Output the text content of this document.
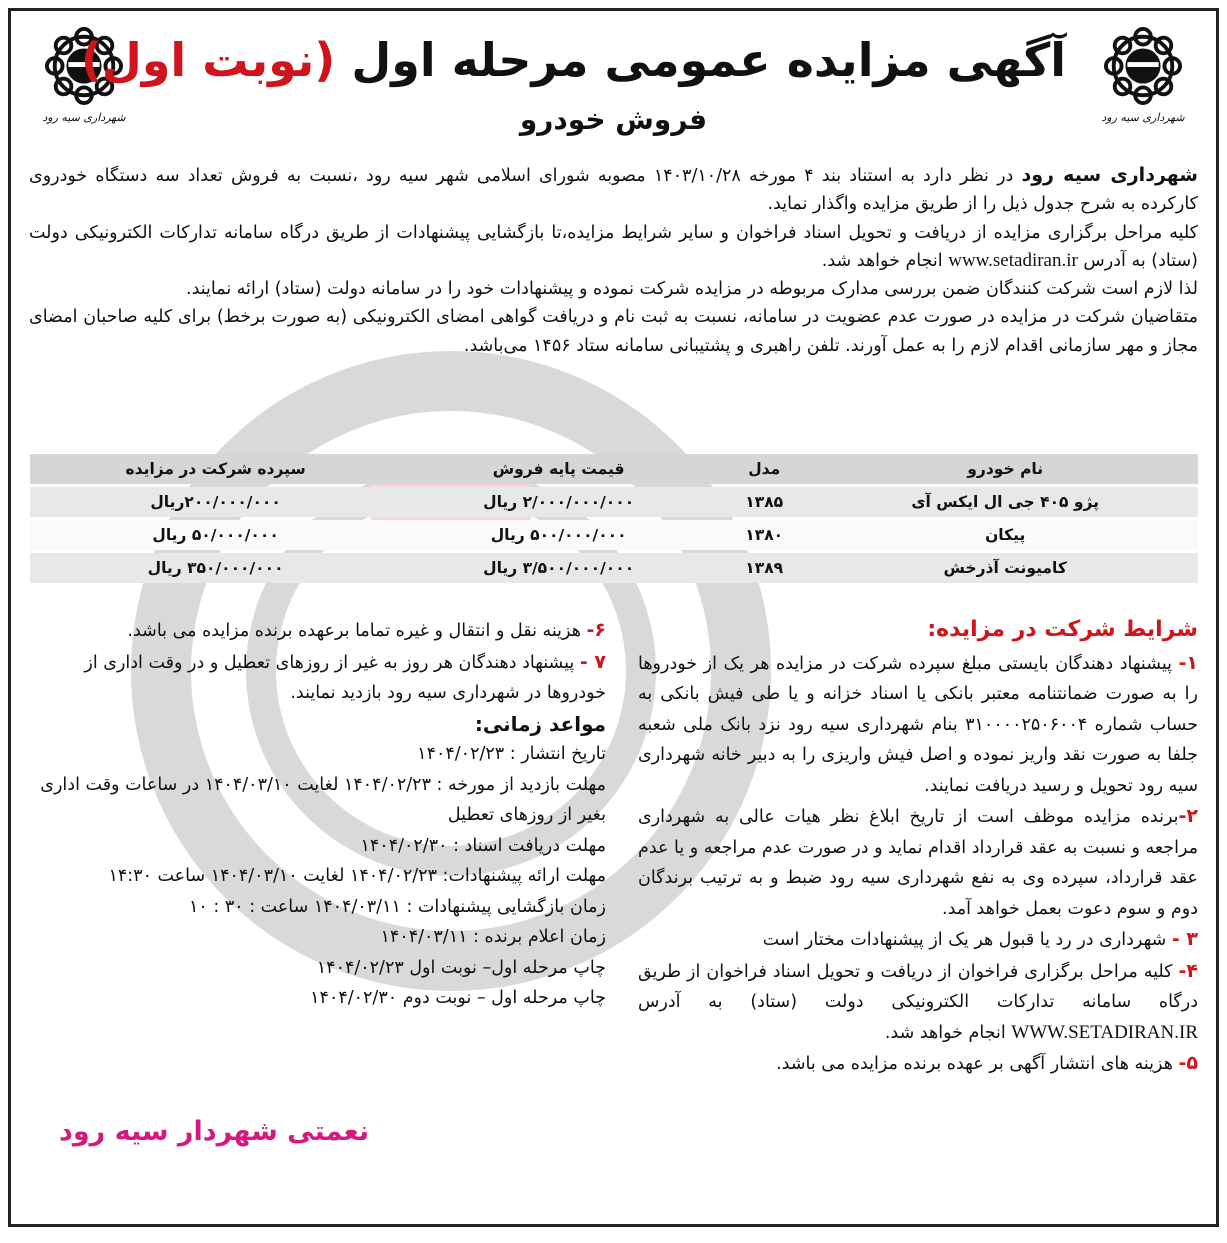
شهرداری سیه رود
شهرداری سیه رود
آگهی مزایده عمومی مرحله اول (نوبت اول)
فروش خودرو

شهرداری سیه رود در نظر دارد به استناد بند ۴ مورخه ۱۴۰۳/۱۰/۲۸ مصوبه شورای اسلامی شهر سیه رود ،نسبت به فروش تعداد سه دستگاه خودروی کارکرده به شرح جدول ذیل را از طریق مزایده واگذار نماید.

کلیه مراحل برگزاری مزایده از دریافت و تحویل اسناد فراخوان و سایر شرایط مزایده،تا بازگشایی پیشنهادات از طریق درگاه سامانه تدارکات الکترونیکی دولت (ستاد) به آدرس www.setadiran.ir انجام خواهد شد.

لذا لازم است شرکت کنندگان ضمن بررسی مدارک مربوطه در مزایده شرکت نموده و پیشنهادات خود را در سامانه دولت (ستاد) ارائه نمایند.

متقاضیان شرکت در مزایده در صورت عدم عضویت در سامانه، نسبت به ثبت نام و دریافت گواهی امضای الکترونیکی (به صورت برخط) برای کلیه صاحبان امضای مجاز و مهر سازمانی اقدام لازم را به عمل آورند. تلفن راهبری و پشتیبانی سامانه ستاد ۱۴۵۶ می‌باشد.

نام خودرو	مدل	قیمت پایه فروش	سپرده شرکت در مزایده
پژو ۴۰۵ جی ال ایکس آی	۱۳۸۵	۲/۰۰۰/۰۰۰/۰۰۰ ریال	۲۰۰/۰۰۰/۰۰۰ریال
پیکان	۱۳۸۰	۵۰۰/۰۰۰/۰۰۰ ریال	۵۰/۰۰۰/۰۰۰ ریال
کامیونت آذرخش	۱۳۸۹	۳/۵۰۰/۰۰۰/۰۰۰ ریال	۳۵۰/۰۰۰/۰۰۰ ریال

شرایط شرکت در مزایده:

۱- پیشنهاد دهندگان بایستی مبلغ سپرده شرکت در مزایده هر یک از خودروها را به صورت ضمانتنامه معتبر بانکی یا اسناد خزانه و یا طی فیش بانکی به حساب شماره ۳۱۰۰۰۰۲۵۰۶۰۰۴ بنام شهرداری سیه رود نزد بانک ملی شعبه جلفا به صورت نقد واریز نموده و اصل فیش واریزی را به دبیر خانه شهرداری سیه رود تحویل و رسید دریافت نمایند.

۲-برنده مزایده موظف است از تاریخ ابلاغ نظر هیات عالی به شهرداری مراجعه و نسبت به عقد قرارداد اقدام نماید و در صورت عدم مراجعه و یا عدم عقد قرارداد، سپرده وی به نفع شهرداری سیه رود ضبط و به ترتیب برندگان دوم و سوم دعوت بعمل خواهد آمد.

۳ - شهرداری در رد یا قبول هر یک از پیشنهادات مختار است

۴- کلیه مراحل برگزاری فراخوان از دریافت و تحویل اسناد فراخوان از طریق درگاه سامانه تدارکات الکترونیکی دولت (ستاد) به آدرس WWW.SETADIRAN.IR انجام خواهد شد.

۵- هزینه های انتشار آگهی بر عهده برنده مزایده می باشد.

۶- هزینه نقل و انتقال و غیره تماما برعهده برنده مزایده می باشد.

۷ - پیشنهاد دهندگان هر روز به غیر از روزهای تعطیل و در وقت اداری از خودروها در شهرداری سیه رود بازدید نمایند.

مواعد زمانی:

تاریخ انتشار : ۱۴۰۴/۰۲/۲۳

مهلت بازدید از مورخه : ۱۴۰۴/۰۲/۲۳ لغایت ۱۴۰۴/۰۳/۱۰ در ساعات وقت اداری بغیر از روزهای تعطیل

مهلت دریافت اسناد : ۱۴۰۴/۰۲/۳۰

مهلت ارائه پیشنهادات: ۱۴۰۴/۰۲/۲۳ لغایت ۱۴۰۴/۰۳/۱۰ ساعت ۱۴:۳۰

زمان بازگشایی پیشنهادات : ۱۴۰۴/۰۳/۱۱ ساعت : ۳۰ : ۱۰

زمان اعلام برنده : ۱۴۰۴/۰۳/۱۱

چاپ مرحله اول– نوبت اول ۱۴۰۴/۰۲/۲۳

چاپ مرحله اول – نوبت دوم ۱۴۰۴/۰۲/۳۰

نعمتی شهردار سیه رود
